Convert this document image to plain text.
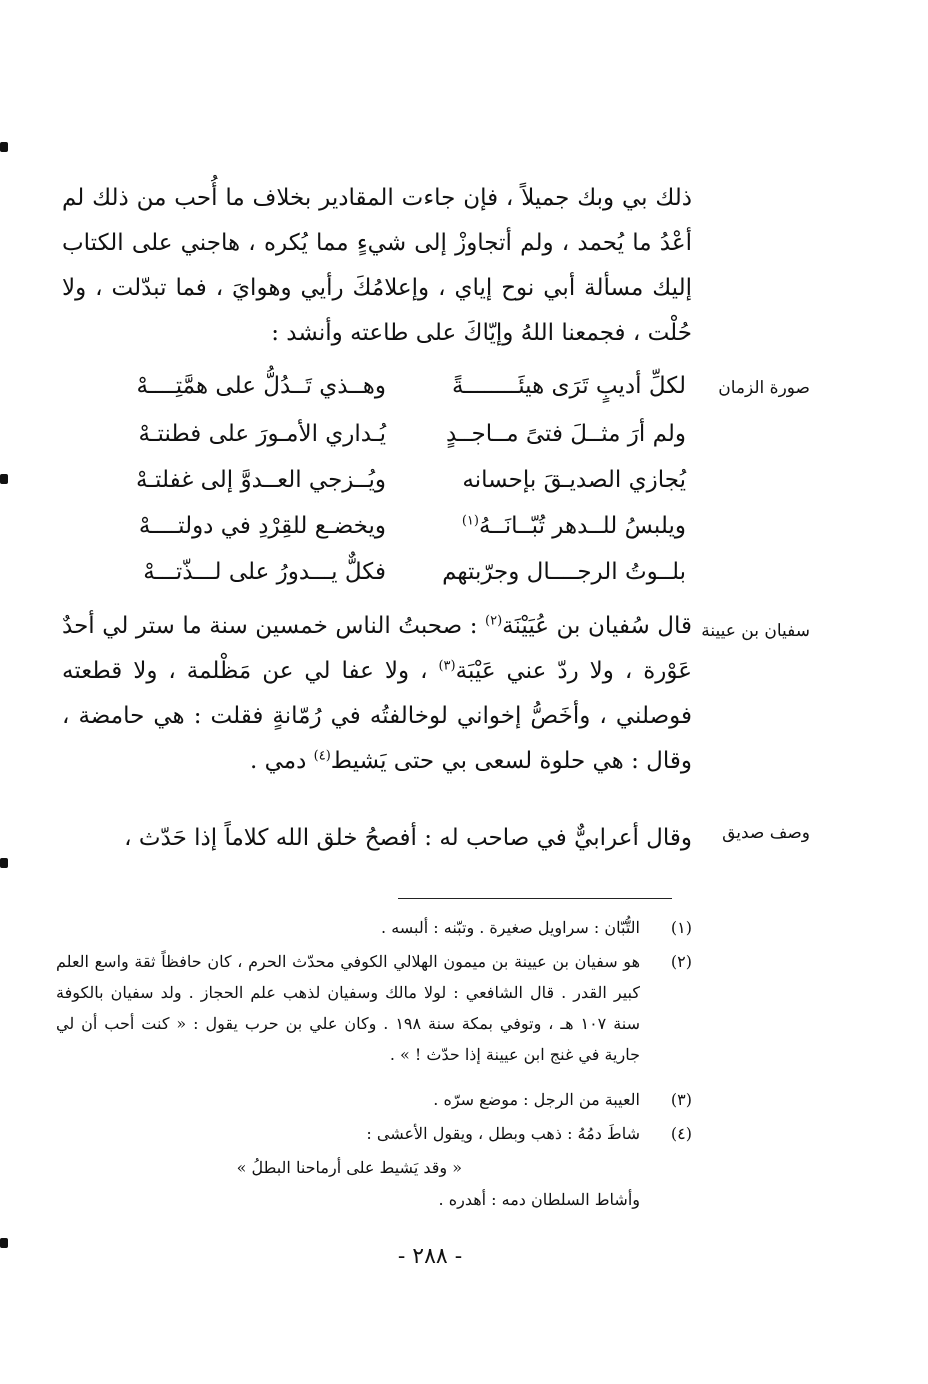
ذلك بي وبك جميلاً ، فإن جاءت المقادير بخلاف ما أُحب من ذلك لم أعْدُ ما يُحمد ، ولم أتجاوزْ إلى شيءٍ مما يُكره ، هاجني على الكتاب إليك مسألة أبي نوح إياي ، وإعلامُكَ رأيي وهوايَ ، فما تبدّلت ، ولا حُلْت ، فجمعنا اللهُ وإيّاكَ على طاعته وأنشد :

صورة الزمان
لكلِّ أديبٍ تَرَى هيئَــــــــةً
وهــذي تَــدُلُّ على همَّتِــــهْ
ولم أرَ مثــلَ فتىً مــاجــدٍ
يُـداري الأمـورَ على فطنتـهْ
يُجازي الصديـقَ بإحسانه
ويُــزجي العــدوَّ إلى غفلتـهْ
ويلبسُ للــدهر تُبّــانَــهُ$^{(١)}$
ويخضـع للقِرْدِ في دولتــــهْ
بلــوتُ الرجــــال وجرّبتهم
فكلٌّ يـــدورُ على لـــذّتـــهْ
سفيان بن عيينة

قال سُفيان بن عُيَيْنَة$^{(٢)}$ : صحبتُ الناس خمسين سنة ما ستر لي أحدٌ عَوْرة ، ولا ردّ عني عَيْبَة$^{(٣)}$ ، ولا عفا لي عن مَظْلمة ، ولا قطعته فوصلني ، وأخَصُّ إخواني لوخالفتُه في رُمّانةٍ فقلت : هي حامضة ، وقال : هي حلوة لسعى بي حتى يَشيط$^{(٤)}$ دمي .

وصف صديق

وقال أعرابيٌّ في صاحب له : أفصحُ خلق الله كلاماً إذا حَدّث ،

(١)
التُّبّان : سراويل صغيرة . وتبّنه : ألبسه .
(٢)
هو سفيان بن عيينة بن ميمون الهلالي الكوفي محدّث الحرم ، كان حافظاً ثقة واسع العلم كبير القدر . قال الشافعي : لولا مالك وسفيان لذهب علم الحجاز . ولد سفيان بالكوفة سنة ١٠٧ هـ ، وتوفي بمكة سنة ١٩٨ . وكان علي بن حرب يقول : « كنت أحب أن لي جارية في غنج ابن عيينة إذا حدّث ! » .
(٣)
العيبة من الرجل : موضع سرّه .
(٤)
شاطَ دمُهُ : ذهب وبطل ، ويقول الأعشى :
« وقد يَشيط على أرماحنا البطلُ »
وأشاط السلطان دمه : أهدره .
- ٢٨٨ -
